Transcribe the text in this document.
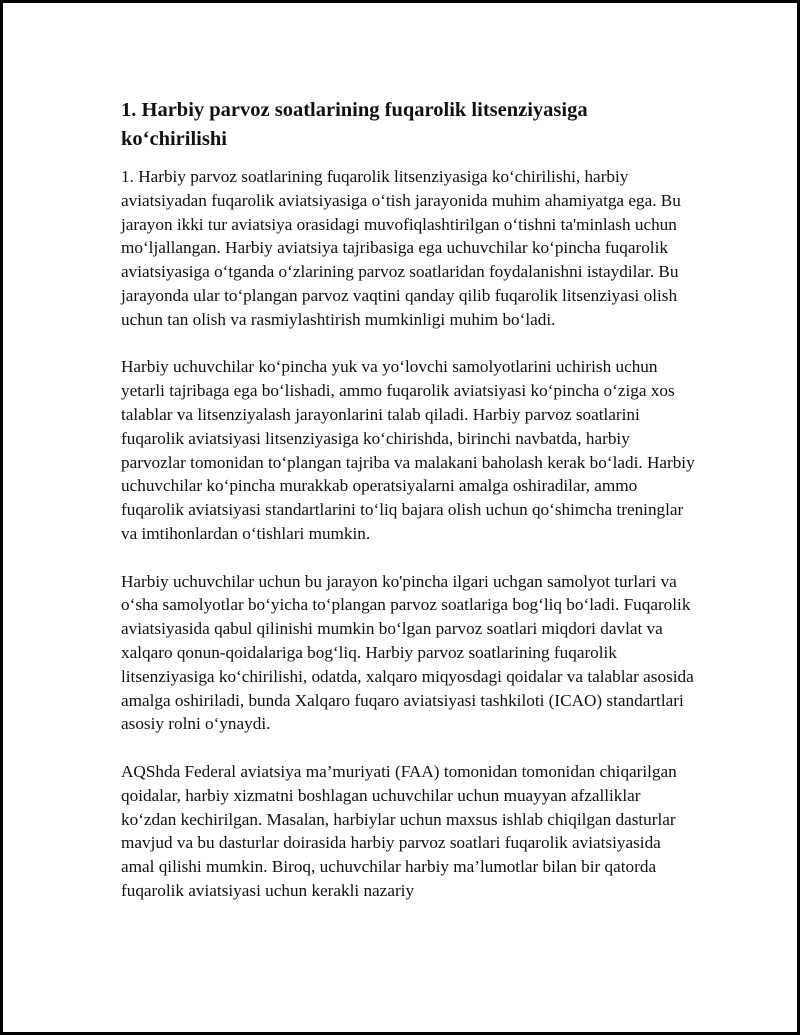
1. Harbiy parvoz soatlarining fuqarolik litsenziyasiga ko‘chirilishi

1. Harbiy parvoz soatlarining fuqarolik litsenziyasiga ko‘chirilishi, harbiy aviatsiyadan fuqarolik aviatsiyasiga o‘tish jarayonida muhim ahamiyatga ega. Bu jarayon ikki tur aviatsiya orasidagi muvofiqlashtirilgan o‘tishni ta'minlash uchun mo‘ljallangan. Harbiy aviatsiya tajribasiga ega uchuvchilar ko‘pincha fuqarolik aviatsiyasiga o‘tganda o‘zlarining parvoz soatlaridan foydalanishni istaydilar. Bu jarayonda ular to‘plangan parvoz vaqtini qanday qilib fuqarolik litsenziyasi olish uchun tan olish va rasmiylashtirish mumkinligi muhim bo‘ladi.

Harbiy uchuvchilar ko‘pincha yuk va yo‘lovchi samolyotlarini uchirish uchun yetarli tajribaga ega bo‘lishadi, ammo fuqarolik aviatsiyasi ko‘pincha o‘ziga xos talablar va litsenziyalash jarayonlarini talab qiladi. Harbiy parvoz soatlarini fuqarolik aviatsiyasi litsenziyasiga ko‘chirishda, birinchi navbatda, harbiy parvozlar tomonidan to‘plangan tajriba va malakani baholash kerak bo‘ladi. Harbiy uchuvchilar ko‘pincha murakkab operatsiyalarni amalga oshiradilar, ammo fuqarolik aviatsiyasi standartlarini to‘liq bajara olish uchun qo‘shimcha treninglar va imtihonlardan o‘tishlari mumkin.

Harbiy uchuvchilar uchun bu jarayon ko'pincha ilgari uchgan samolyot turlari va o‘sha samolyotlar bo‘yicha to‘plangan parvoz soatlariga bog‘liq bo‘ladi. Fuqarolik aviatsiyasida qabul qilinishi mumkin bo‘lgan parvoz soatlari miqdori davlat va xalqaro qonun-qoidalariga bog‘liq. Harbiy parvoz soatlarining fuqarolik litsenziyasiga ko‘chirilishi, odatda, xalqaro miqyosdagi qoidalar va talablar asosida amalga oshiriladi, bunda Xalqaro fuqaro aviatsiyasi tashkiloti (ICAO) standartlari asosiy rolni o‘ynaydi.

AQShda Federal aviatsiya ma’muriyati (FAA) tomonidan tomonidan chiqarilgan qoidalar, harbiy xizmatni boshlagan uchuvchilar uchun muayyan afzalliklar ko‘zdan kechirilgan. Masalan, harbiylar uchun maxsus ishlab chiqilgan dasturlar mavjud va bu dasturlar doirasida harbiy parvoz soatlari fuqarolik aviatsiyasida amal qilishi mumkin. Biroq, uchuvchilar harbiy ma’lumotlar bilan bir qatorda fuqarolik aviatsiyasi uchun kerakli nazariy
